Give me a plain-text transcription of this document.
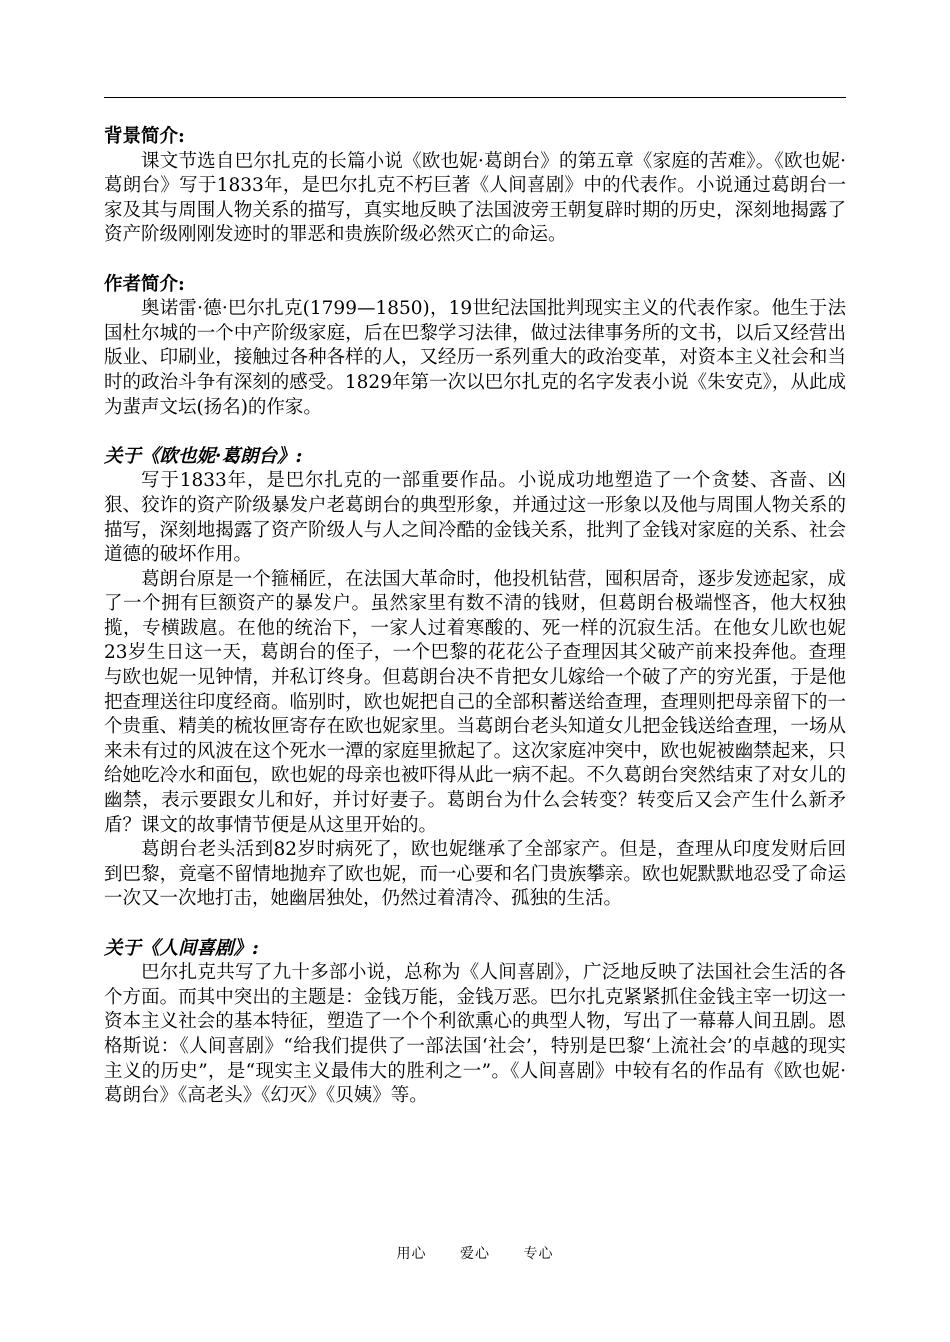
背景简介:

课文节选自巴尔扎克的长篇小说《欧也妮·葛朗台》的第五章《家庭的苦难》。《欧也妮·葛朗台》写于1833年，是巴尔扎克不朽巨著《人间喜剧》中的代表作。小说通过葛朗台一家及其与周围人物关系的描写，真实地反映了法国波旁王朝复辟时期的历史，深刻地揭露了资产阶级刚刚发迹时的罪恶和贵族阶级必然灭亡的命运。

作者简介:

奥诺雷·德·巴尔扎克(1799—1850)，19世纪法国批判现实主义的代表作家。他生于法国杜尔城的一个中产阶级家庭，后在巴黎学习法律，做过法律事务所的文书，以后又经营出版业、印刷业，接触过各种各样的人，又经历一系列重大的政治变革，对资本主义社会和当时的政治斗争有深刻的感受。1829年第一次以巴尔扎克的名字发表小说《朱安克》，从此成为蜚声文坛(扬名)的作家。

关于《欧也妮·葛朗台》:

写于1833年，是巴尔扎克的一部重要作品。小说成功地塑造了一个贪婪、吝啬、凶狠、狡诈的资产阶级暴发户老葛朗台的典型形象，并通过这一形象以及他与周围人物关系的描写，深刻地揭露了资产阶级人与人之间冷酷的金钱关系，批判了金钱对家庭的关系、社会道德的破坏作用。

葛朗台原是一个箍桶匠，在法国大革命时，他投机钻营，囤积居奇，逐步发迹起家，成了一个拥有巨额资产的暴发户。虽然家里有数不清的钱财，但葛朗台极端悭吝，他大权独揽，专横跋扈。在他的统治下，一家人过着寒酸的、死一样的沉寂生活。在他女儿欧也妮23岁生日这一天，葛朗台的侄子，一个巴黎的花花公子查理因其父破产前来投奔他。查理与欧也妮一见钟情，并私订终身。但葛朗台决不肯把女儿嫁给一个破了产的穷光蛋，于是他把查理送往印度经商。临别时，欧也妮把自己的全部积蓄送给查理，查理则把母亲留下的一个贵重、精美的梳妆匣寄存在欧也妮家里。当葛朗台老头知道女儿把金钱送给查理，一场从来未有过的风波在这个死水一潭的家庭里掀起了。这次家庭冲突中，欧也妮被幽禁起来，只给她吃冷水和面包，欧也妮的母亲也被吓得从此一病不起。不久葛朗台突然结束了对女儿的幽禁，表示要跟女儿和好，并讨好妻子。葛朗台为什么会转变？转变后又会产生什么新矛盾？课文的故事情节便是从这里开始的。

葛朗台老头活到82岁时病死了，欧也妮继承了全部家产。但是，查理从印度发财后回到巴黎，竟毫不留情地抛弃了欧也妮，而一心要和名门贵族攀亲。欧也妮默默地忍受了命运一次又一次地打击，她幽居独处，仍然过着清冷、孤独的生活。

关于《人间喜剧》:

巴尔扎克共写了九十多部小说，总称为《人间喜剧》，广泛地反映了法国社会生活的各个方面。而其中突出的主题是：金钱万能，金钱万恶。巴尔扎克紧紧抓住金钱主宰一切这一资本主义社会的基本特征，塑造了一个个利欲熏心的典型人物，写出了一幕幕人间丑剧。恩格斯说：《人间喜剧》“给我们提供了一部法国‘社会’，特别是巴黎‘上流社会’的卓越的现实主义的历史”，是“现实主义最伟大的胜利之一”。《人间喜剧》中较有名的作品有《欧也妮·葛朗台》《高老头》《幻灭》《贝姨》等。

用心 爱心 专心
